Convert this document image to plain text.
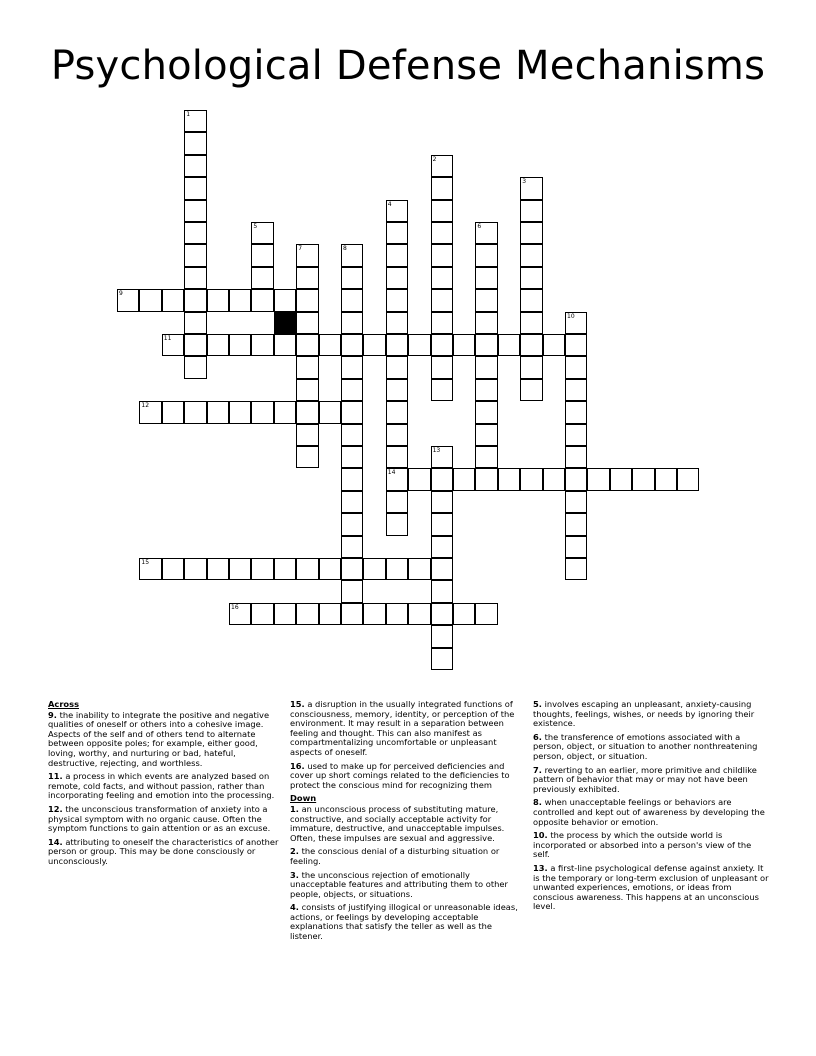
Psychological Defense Mechanisms
1
2
3
4
14
5	6
7	8
10
13
9
11
12
15
16
Across
9. the inability to integrate the positive and negative qualities of oneself or others into a cohesive image. Aspects of the self and of others tend to alternate between opposite poles; for example, either good, loving, worthy, and nurturing or bad, hateful, destructive, rejecting, and worthless.
11. a process in which events are analyzed based on remote, cold facts, and without passion, rather than incorporating feeling and emotion into the processing.
12. the unconscious transformation of anxiety into a physical symptom with no organic cause. Often the symptom functions to gain attention or as an excuse.
14. attributing to oneself the characteristics of another person or group. This may be done consciously or unconsciously.
15. a disruption in the usually integrated functions of consciousness, memory, identity, or perception of the environment. It may result in a separation between feeling and thought. This can also manifest as compartmentalizing uncomfortable or unpleasant aspects of oneself.
16. used to make up for perceived deficiencies and cover up short comings related to the deficiencies to protect the conscious mind for recognizing them
Down
1. an unconscious process of substituting mature, constructive, and socially acceptable activity for immature, destructive, and unacceptable impulses. Often, these impulses are sexual and aggressive.
2. the conscious denial of a disturbing situation or feeling.
3. the unconscious rejection of emotionally unacceptable features and attributing them to other people, objects, or situations.
4. consists of justifying illogical or unreasonable ideas, actions, or feelings by developing acceptable explanations that satisfy the teller as well as the listener.
5. involves escaping an unpleasant, anxiety-causing thoughts, feelings, wishes, or needs by ignoring their existence.
6. the transference of emotions associated with a person, object, or situation to another nonthreatening person, object, or situation.
7. reverting to an earlier, more primitive and childlike pattern of behavior that may or may not have been previously exhibited.
8. when unacceptable feelings or behaviors are controlled and kept out of awareness by developing the opposite behavior or emotion.
10. the process by which the outside world is incorporated or absorbed into a person's view of the self.
13. a first-line psychological defense against anxiety. It is the temporary or long-term exclusion of unpleasant or unwanted experiences, emotions, or ideas from conscious awareness. This happens at an unconscious level.
